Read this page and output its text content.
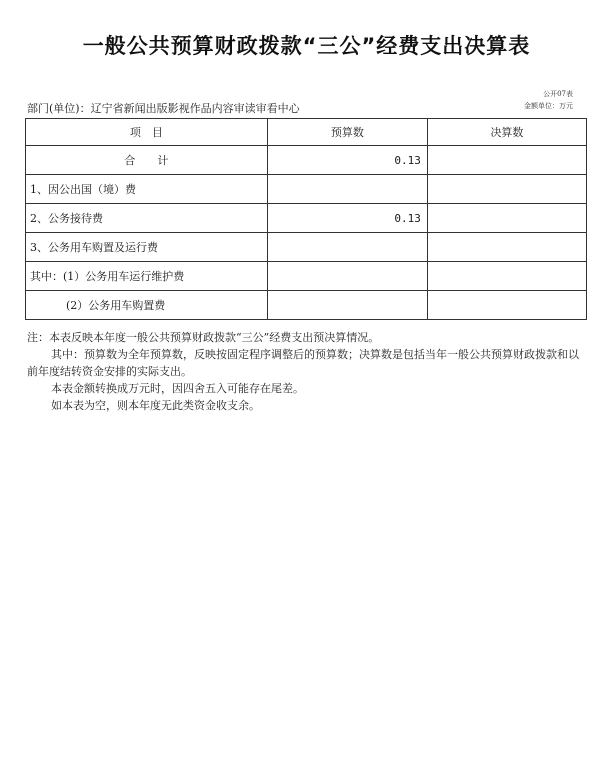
一般公共预算财政拨款“三公”经费支出决算表
公开07表
金额单位：万元
部门(单位)：辽宁省新闻出版影视作品内容审读审看中心
项　目	预算数	决算数
合　　计	0.13	
1、因公出国（境）费		
2、公务接待费	0.13	
3、公务用车购置及运行费		
其中：(1）公务用车运行维护费		
(2）公务用车购置费		

注：本表反映本年度一般公共预算财政拨款“三公”经费支出预决算情况。

其中：预算数为全年预算数，反映按固定程序调整后的预算数；决算数是包括当年一般公共预算财政拨款和以前年度结转资金安排的实际支出。

本表金额转换成万元时，因四舍五入可能存在尾差。

如本表为空，则本年度无此类资金收支余。
